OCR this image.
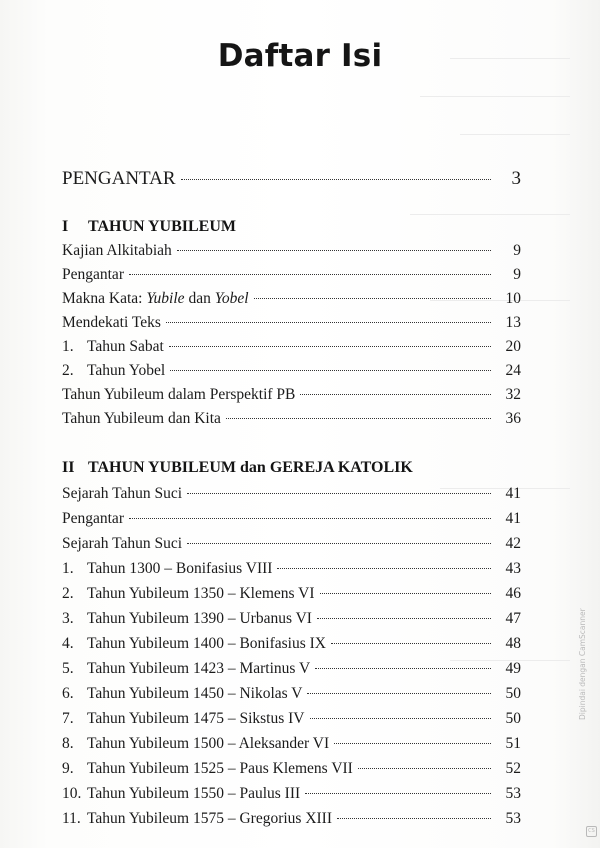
Daftar Isi
PENGANTAR	3
I TAHUN YUBILEUM
Kajian Alkitabiah	9
Pengantar	9
Makna Kata: Yubile dan Yobel	10
Mendekati Teks	13
1. Tahun Sabat	20
2. Tahun Yobel	24
Tahun Yubileum dalam Perspektif PB	32
Tahun Yubileum dan Kita	36
II TAHUN YUBILEUM dan GEREJA KATOLIK
Sejarah Tahun Suci	41
Pengantar	41
Sejarah Tahun Suci	42
1. Tahun 1300 – Bonifasius VIII	43
2. Tahun Yubileum 1350 – Klemens VI	46
3. Tahun Yubileum 1390 – Urbanus VI	47
4. Tahun Yubileum 1400 – Bonifasius IX	48
5. Tahun Yubileum 1423 – Martinus V	49
6. Tahun Yubileum 1450 – Nikolas V	50
7. Tahun Yubileum 1475 – Sikstus IV	50
8. Tahun Yubileum 1500 – Aleksander VI	51
9. Tahun Yubileum 1525 – Paus Klemens VII	52
10. Tahun Yubileum 1550 – Paulus III	53
11. Tahun Yubileum 1575 – Gregorius XIII	53
Dipindai dengan CamScanner
CS
